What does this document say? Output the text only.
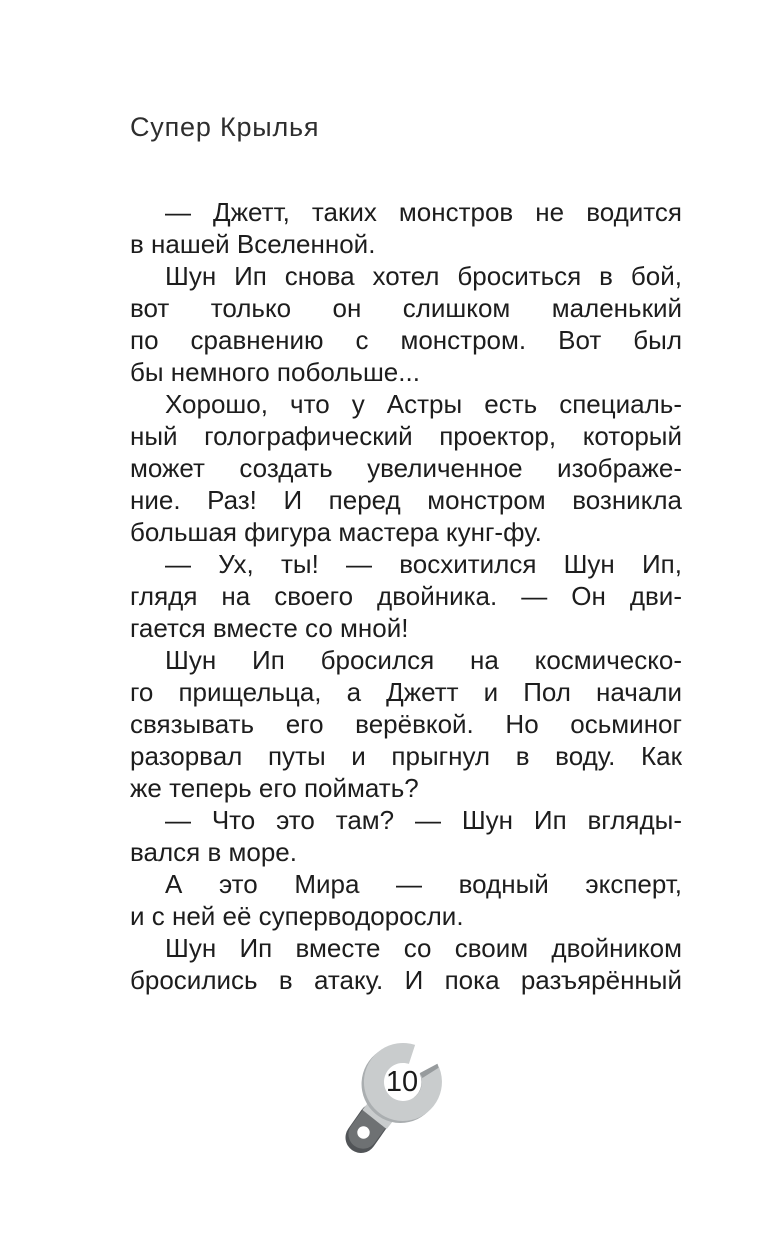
Супер Крылья
— Джетт, таких монстров не водится
в нашей Вселенной.
Шун Ип снова хотел броситься в бой,
вот только он слишком маленький
по сравнению с монстром. Вот был
бы немного побольше...
Хорошо, что у Астры есть специаль-
ный голографический проектор, который
может создать увеличенное изображе-
ние. Раз! И перед монстром возникла
большая фигура мастера кунг-фу.
— Ух, ты! — восхитился Шун Ип,
глядя на своего двойника. — Он дви-
гается вместе со мной!
Шун Ип бросился на космическо-
го прищельца, а Джетт и Пол начали
связывать его верёвкой. Но осьминог
разорвал путы и прыгнул в воду. Как
же теперь его поймать?
— Что это там? — Шун Ип вгляды-
вался в море.
А это Мира — водный эксперт,
и с ней её суперводоросли.
Шун Ип вместе со своим двойником
бросились в атаку. И пока разъярённый
10
